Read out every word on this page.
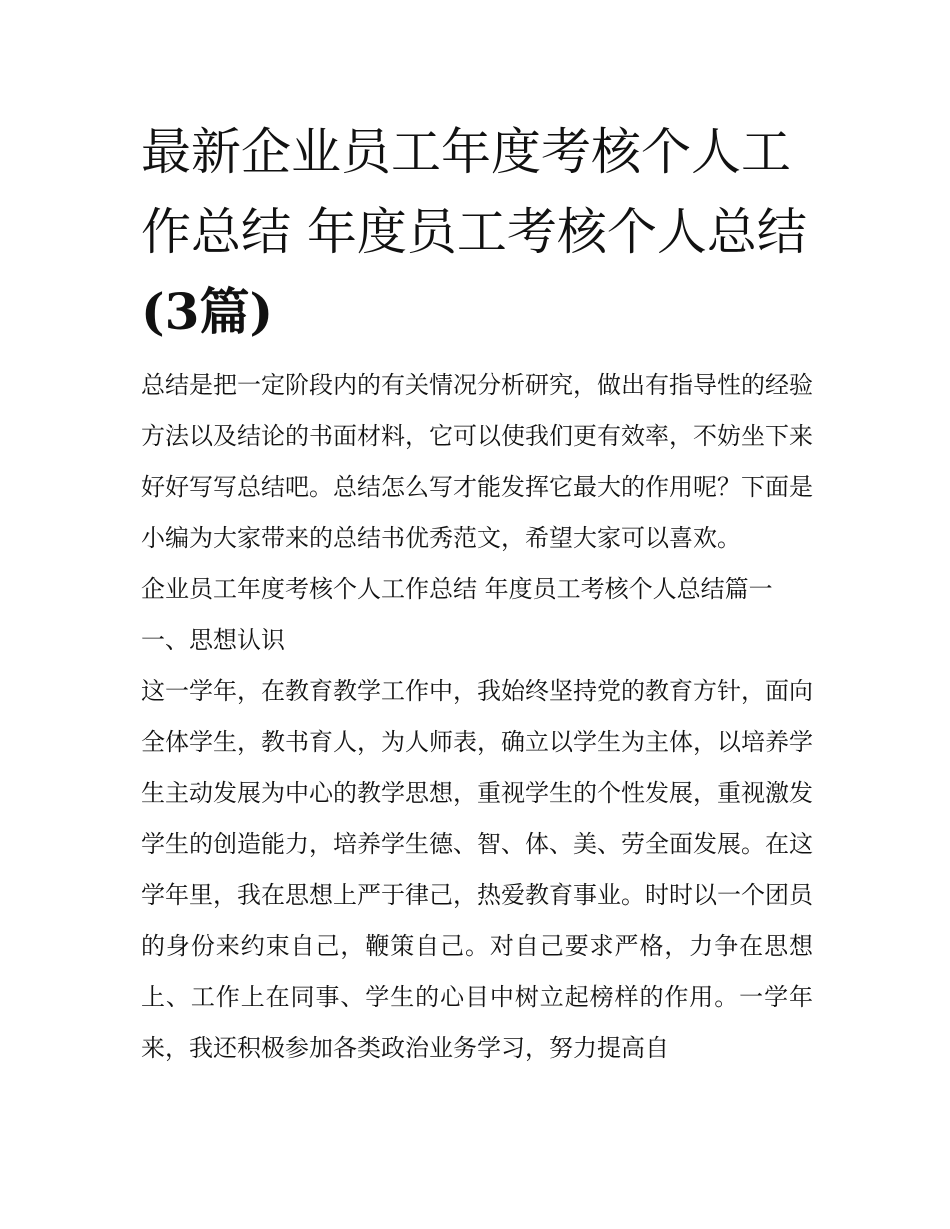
最新企业员工年度考核个人工作总结 年度员工考核个人总结
(3篇)

总结是把一定阶段内的有关情况分析研究，做出有指导性的经验方法以及结论的书面材料，它可以使我们更有效率，不妨坐下来好好写写总结吧。总结怎么写才能发挥它最大的作用呢？下面是小编为大家带来的总结书优秀范文，希望大家可以喜欢。

企业员工年度考核个人工作总结 年度员工考核个人总结篇一

一、思想认识

这一学年，在教育教学工作中，我始终坚持党的教育方针，面向全体学生，教书育人，为人师表，确立以学生为主体，以培养学生主动发展为中心的教学思想，重视学生的个性发展，重视激发学生的创造能力，培养学生德、智、体、美、劳全面发展。在这学年里，我在思想上严于律己，热爱教育事业。时时以一个团员的身份来约束自己，鞭策自己。对自己要求严格，力争在思想上、工作上在同事、学生的心目中树立起榜样的作用。一学年来，我还积极参加各类政治业务学习，努力提高自
